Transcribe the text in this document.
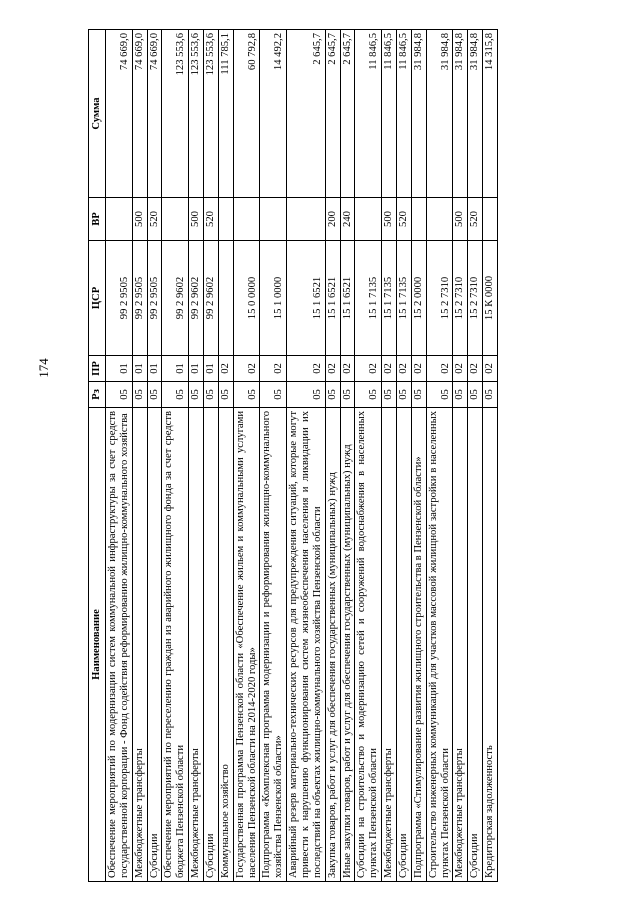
174
Наименование	Рз	ПР	ЦСР	ВР	Сумма
Обеспечение мероприятий по модернизации систем коммунальной инфраструктуры за счет средств государственной корпорации - Фонд содействия реформированию жилищно-коммунального хозяйства	05	01	99 2 9505		74 669,0
Межбюджетные трансферты	05	01	99 2 9505	500	74 669,0
Субсидии	05	01	99 2 9505	520	74 669,0
Обеспечение мероприятий по переселению граждан из аварийного жилищного фонда за счет средств бюджета Пензенской области	05	01	99 2 9602		123 553,6
Межбюджетные трансферты	05	01	99 2 9602	500	123 553,6
Субсидии	05	01	99 2 9602	520	123 553,6
Коммунальное хозяйство	05	02			111 785,1
Государственная программа Пензенской области «Обеспечение жильем и коммунальными услугами населения Пензенской области на 2014-2020 годы»	05	02	15 0 0000		60 792,8
Подпрограмма «Комплексная программа модернизации и реформирования жилищно-коммунального хозяйства Пензенской области»	05	02	15 1 0000		14 492,2
Аварийный резерв материально-технических ресурсов для предупреждения ситуаций, которые могут привести к нарушению функционирования систем жизнеобеспечения населения и ликвидации их последствий на объектах жилищно-коммунального хозяйства Пензенской области	05	02	15 1 6521		2 645,7
Закупка товаров, работ и услуг для обеспечения государственных (муниципальных) нужд	05	02	15 1 6521	200	2 645,7
Иные закупки товаров, работ и услуг для обеспечения государственных (муниципальных) нужд	05	02	15 1 6521	240	2 645,7
Субсидии на строительство и модернизацию сетей и сооружений водоснабжения в населенных пунктах Пензенской области	05	02	15 1 7135		11 846,5
Межбюджетные трансферты	05	02	15 1 7135	500	11 846,5
Субсидии	05	02	15 1 7135	520	11 846,5
Подпрограмма «Стимулирование развития жилищного строительства в Пензенской области»	05	02	15 2 0000		31 984,8
Строительство инженерных коммуникаций для участков массовой жилищной застройки в населенных пунктах Пензенской области	05	02	15 2 7310		31 984,8
Межбюджетные трансферты	05	02	15 2 7310	500	31 984,8
Субсидии	05	02	15 2 7310	520	31 984,8
Кредиторская задолженность	05	02	15 К 0000		14 315,8
